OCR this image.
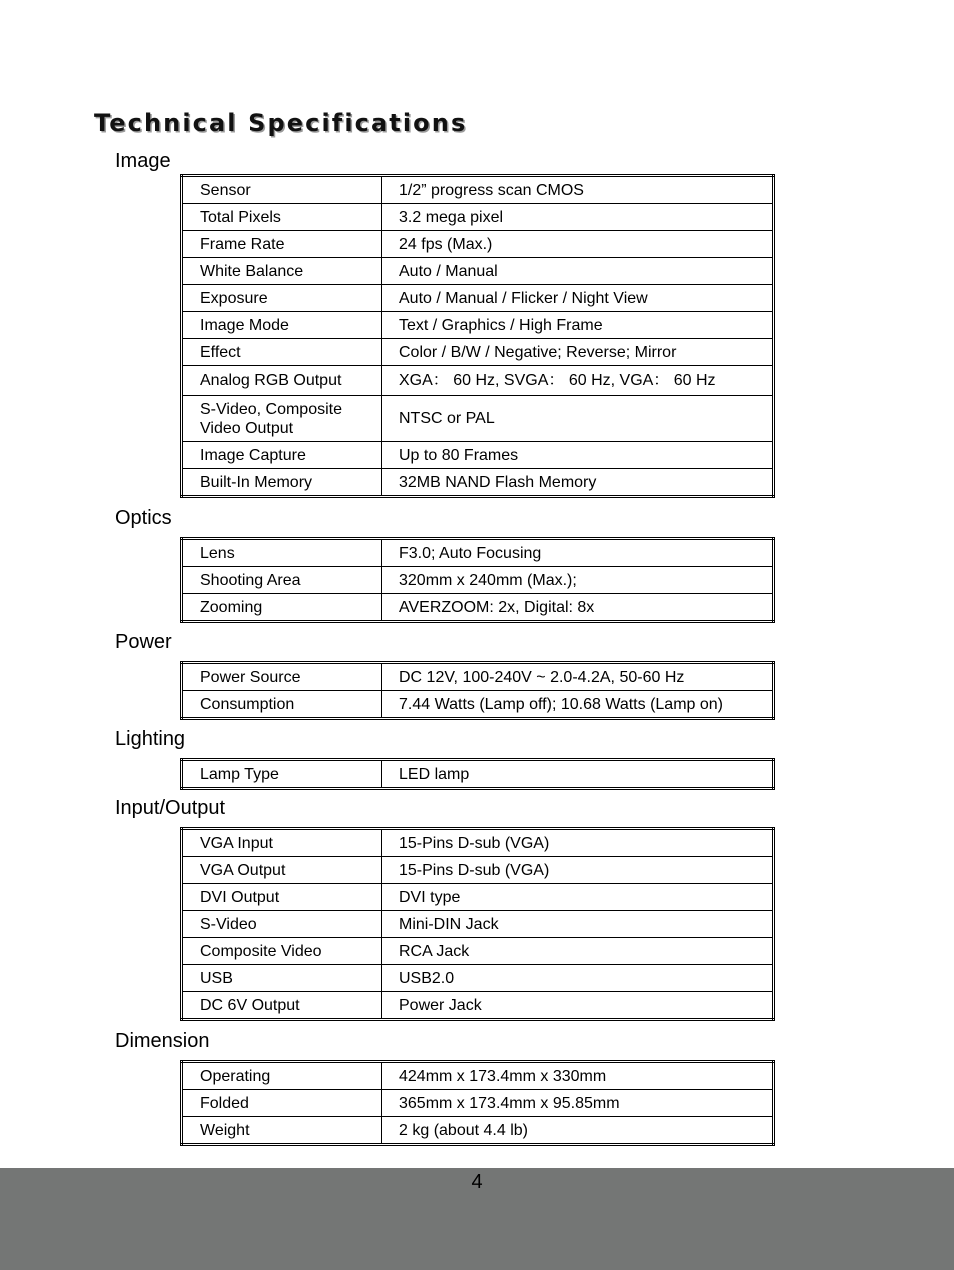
Technical Specifications
Image
Sensor	1/2” progress scan CMOS
Total Pixels	3.2 mega pixel
Frame Rate	24 fps (Max.)
White Balance	Auto / Manual
Exposure	Auto / Manual / Flicker / Night View
Image Mode	Text / Graphics / High Frame
Effect	Color / B/W / Negative; Reverse; Mirror
Analog RGB Output	XGA： 60 Hz, SVGA： 60 Hz, VGA： 60 Hz
S-Video, Composite Video Output	NTSC or PAL
Image Capture	Up to 80 Frames
Built-In Memory	32MB NAND Flash Memory
Optics
Lens	F3.0; Auto Focusing
Shooting Area	320mm x 240mm (Max.);
Zooming	AVERZOOM: 2x, Digital: 8x
Power
Power Source	DC 12V, 100-240V ~ 2.0-4.2A, 50-60 Hz
Consumption	7.44 Watts (Lamp off); 10.68 Watts (Lamp on)
Lighting
Lamp Type	LED lamp
Input/Output
VGA Input	15-Pins D-sub (VGA)
VGA Output	15-Pins D-sub (VGA)
DVI Output	DVI type
S-Video	Mini-DIN Jack
Composite Video	RCA Jack
USB	USB2.0
DC 6V Output	Power Jack
Dimension
Operating	424mm x 173.4mm x 330mm
Folded	365mm x 173.4mm x 95.85mm
Weight	2 kg (about 4.4 lb)
4
